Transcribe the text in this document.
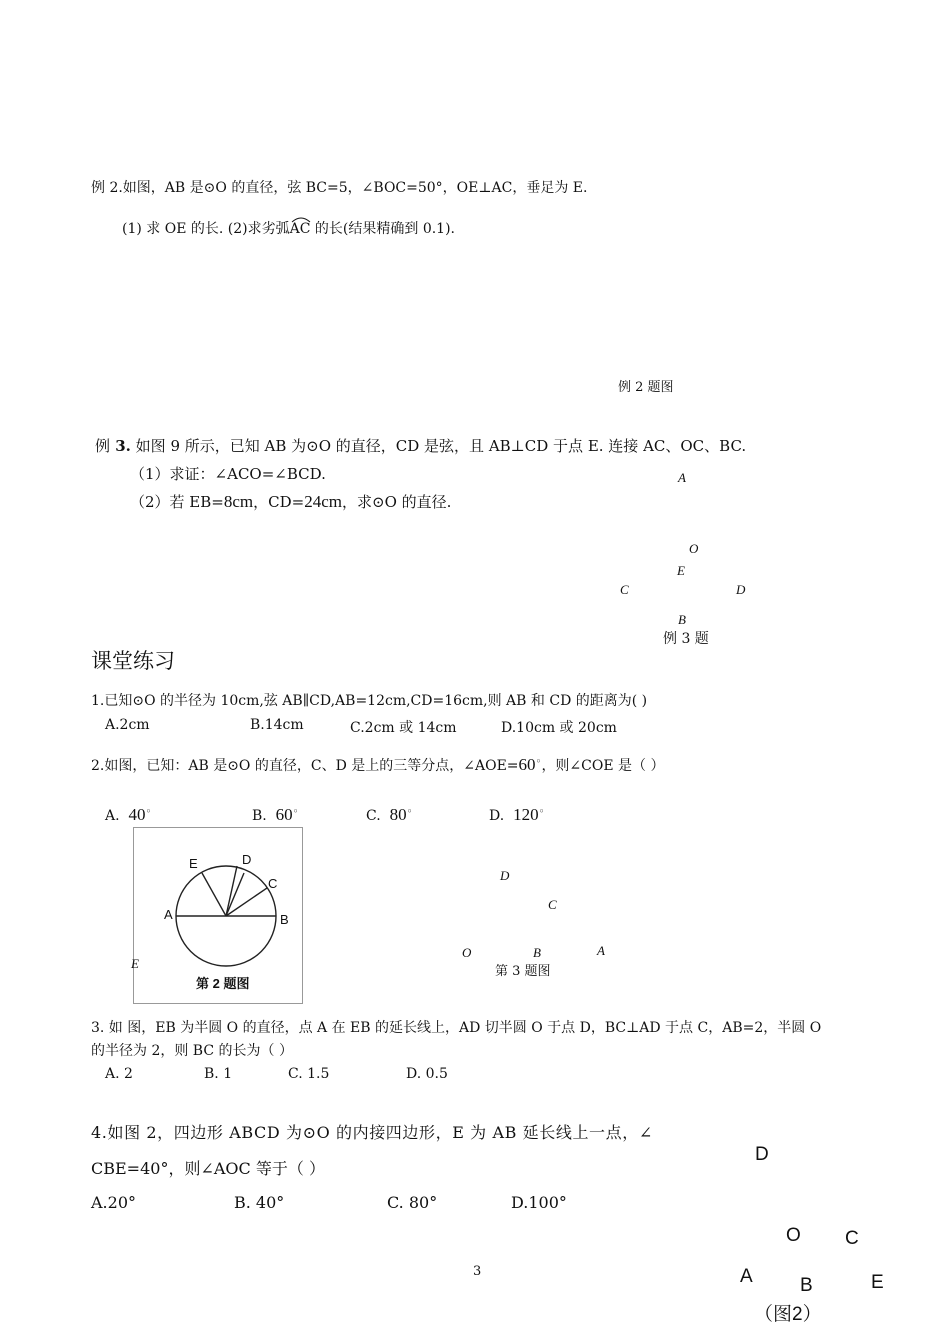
例 2.如图，AB 是⊙O 的直径，弦 BC=5，∠BOC=50°，OE⊥AC，垂足为 E.
(1) 求 OE 的长. (2)求劣弧
AC 的长(结果精确到 0.1).
例 2 题图
例 3. 如图 9 所示，已知 AB 为⊙O 的直径，CD 是弦，且 AB⊥CD 于点 E. 连接 AC、OC、BC.
（1）求证：∠ACO=∠BCD.
（2）若 EB=8cm，CD=24cm，求⊙O 的直径.
A
O
E
C	D
B
例 3 题
课堂练习
1.已知⊙O 的半径为 10cm,弦 AB∥CD,AB=12cm,CD=16cm,则 AB 和 CD 的距离为( )
A.2cm	B.14cm	C.2cm 或 14cm	D.10cm 或 20cm
2.如图，已知：AB 是⊙O 的直径，C、D 是上的三等分点，∠AOE=60◦，则∠COE 是（ ）
A. 40◦	B. 60◦	C. 80◦	D. 120◦
E	D
C
A	B
第 2 题图
E
D
C
O	B	A
第 3 题图
3. 如 图，EB 为半圆 O 的直径，点 A 在 EB 的延长线上，AD 切半圆 O 于点 D，BC⊥AD 于点 C，AB=2，半圆 O
的半径为 2，则 BC 的长为（ ）
A. 2	B. 1	C. 1.5	D. 0.5
4.如图 2，四边形 ABCD 为⊙O 的内接四边形，E 为 AB 延长线上一点，∠
CBE=40°，则∠AOC 等于（ ）
A.20°	B. 40°	C. 80°	D.100°
D
O C
A B	E
（图2）
3
